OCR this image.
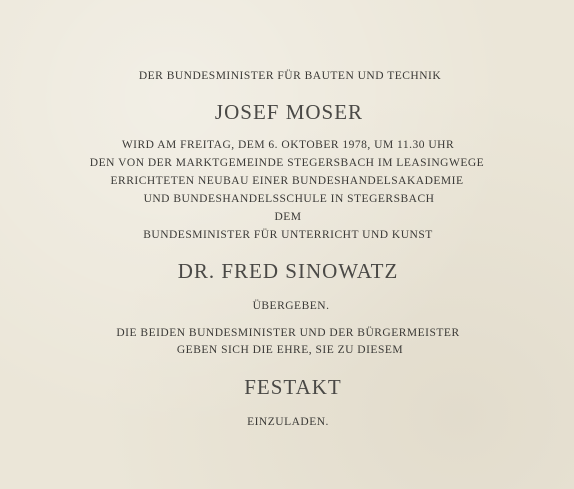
DER BUNDESMINISTER FÜR BAUTEN UND TECHNIK
JOSEF MOSER
WIRD AM FREITAG, DEM 6. OKTOBER 1978, UM 11.30 UHR
DEN VON DER MARKTGEMEINDE STEGERSBACH IM LEASINGWEGE
ERRICHTETEN NEUBAU EINER BUNDESHANDELSAKADEMIE
UND BUNDESHANDELSSCHULE IN STEGERSBACH
DEM
BUNDESMINISTER FÜR UNTERRICHT UND KUNST
DR. FRED SINOWATZ
ÜBERGEBEN.
DIE BEIDEN BUNDESMINISTER UND DER BÜRGERMEISTER
GEBEN SICH DIE EHRE, SIE ZU DIESEM
FESTAKT
EINZULADEN.
